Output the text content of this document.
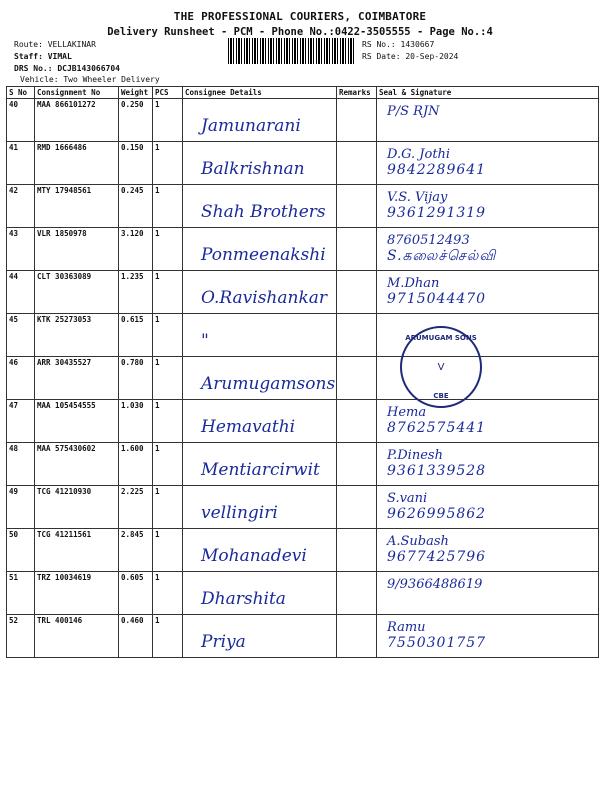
THE PROFESSIONAL COURIERS, COIMBATORE
Delivery Runsheet - PCM - Phone No.:0422-3505555 - Page No.:4
Route: VELLAKINAR
Staff: VIMAL
DRS No.: DCJB143066704
Vehicle: Two Wheeler Delivery
RS No.: 1430667
RS Date: 20-Sep-2024
S No	Consignment No	Weight	PCS	Consignee Details	Remarks	Seal & Signature
40	MAA 866101272	0.250	1	Jamunarani		P/S RJN

41	RMD 1666486	0.150	1	Balkrishnan		D.G. Jothi
9842289641

42	MTY 17948561	0.245	1	Shah Brothers		V.S. Vijay
9361291319

43	VLR 1850978	3.120	1	Ponmeenakshi		8760512493
S.கலைச்செல்வி

44	CLT 30363089	1.235	1	O.Ravishankar		M.Dhan
9715044470

45	KTK 25273053	0.615	1	"		

46	ARR 30435527	0.780	1	Arumugamsons		

47	MAA 105454555	1.030	1	Hemavathi		Hema
8762575441

48	MAA 575430602	1.600	1	Mentiarcirwit		P.Dinesh
9361339528

49	TCG 41210930	2.225	1	vellingiri		S.vani
9626995862

50	TCG 41211561	2.845	1	Mohanadevi		A.Subash
9677425796

51	TRZ 10034619	0.605	1	Dharshita		9/9366488619

52	TRL 400146	0.460	1	Priya		Ramu
7550301757
ARUMUGAM SONS
V
CBE
